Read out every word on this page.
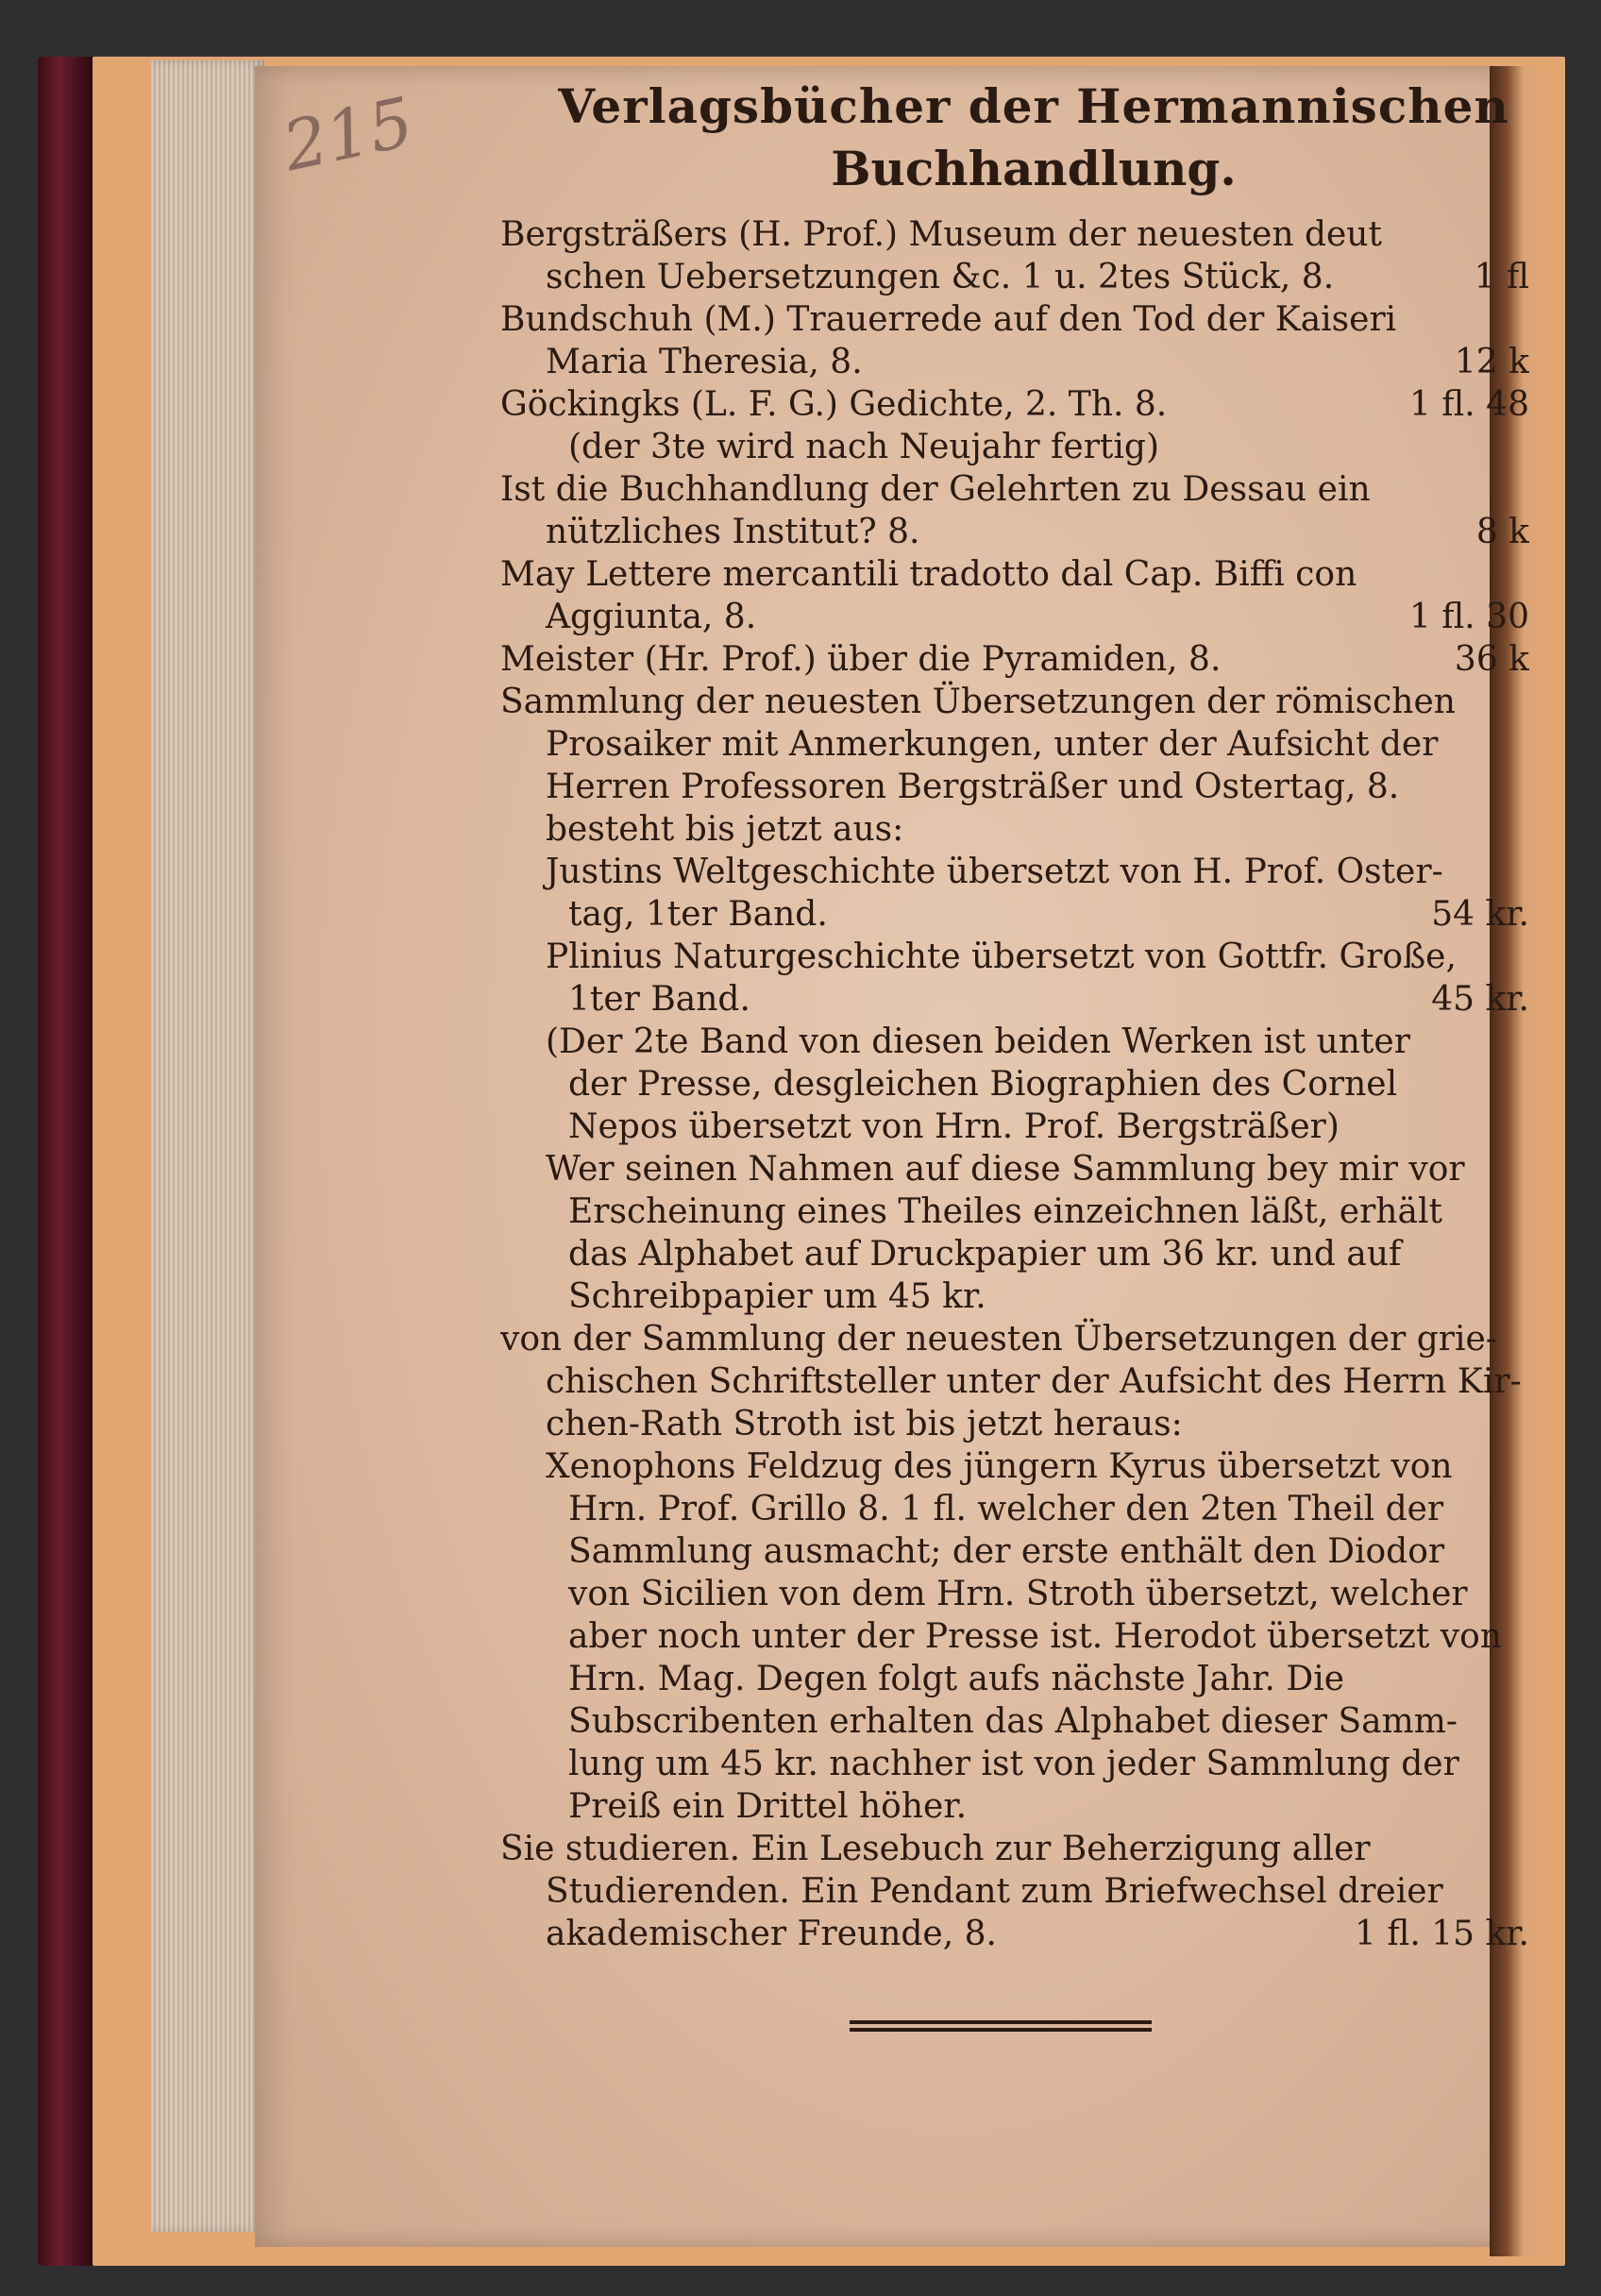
215	Verlagsbücher der Hermannischen
Buchhandlung.
Bergsträßers (H. Prof.) Museum der neuesten deut
schen Uebersetzungen &c. 1 u. 2tes Stück, 8.	1 fl
Bundschuh (M.) Trauerrede auf den Tod der Kaiseri
Maria Theresia, 8.	12 k
Göckingks (L. F. G.) Gedichte, 2. Th. 8.	1 fl. 48
(der 3te wird nach Neujahr fertig)
Ist die Buchhandlung der Gelehrten zu Dessau ein
nützliches Institut? 8.	8 k
May Lettere mercantili tradotto dal Cap. Biffi con
Aggiunta, 8.	1 fl. 30
Meister (Hr. Prof.) über die Pyramiden, 8.	36 k
Sammlung der neuesten Übersetzungen der römischen
Prosaiker mit Anmerkungen, unter der Aufsicht der
Herren Professoren Bergsträßer und Ostertag, 8.
besteht bis jetzt aus:
Justins Weltgeschichte übersetzt von H. Prof. Oster-
tag, 1ter Band.	54 kr.
Plinius Naturgeschichte übersetzt von Gottfr. Große,
1ter Band.	45 kr.
(Der 2te Band von diesen beiden Werken ist unter
der Presse, desgleichen Biographien des Cornel
Nepos übersetzt von Hrn. Prof. Bergsträßer)
Wer seinen Nahmen auf diese Sammlung bey mir vor
Erscheinung eines Theiles einzeichnen läßt, erhält
das Alphabet auf Druckpapier um 36 kr. und auf
Schreibpapier um 45 kr.
von der Sammlung der neuesten Übersetzungen der grie-
chischen Schriftsteller unter der Aufsicht des Herrn Kir-
chen-Rath Stroth ist bis jetzt heraus:
Xenophons Feldzug des jüngern Kyrus übersetzt von
Hrn. Prof. Grillo 8. 1 fl. welcher den 2ten Theil der
Sammlung ausmacht; der erste enthält den Diodor
von Sicilien von dem Hrn. Stroth übersetzt, welcher
aber noch unter der Presse ist. Herodot übersetzt von
Hrn. Mag. Degen folgt aufs nächste Jahr. Die
Subscribenten erhalten das Alphabet dieser Samm-
lung um 45 kr. nachher ist von jeder Sammlung der
Preiß ein Drittel höher.
Sie studieren. Ein Lesebuch zur Beherzigung aller
Studierenden. Ein Pendant zum Briefwechsel dreier
akademischer Freunde, 8.	1 fl. 15 kr.
